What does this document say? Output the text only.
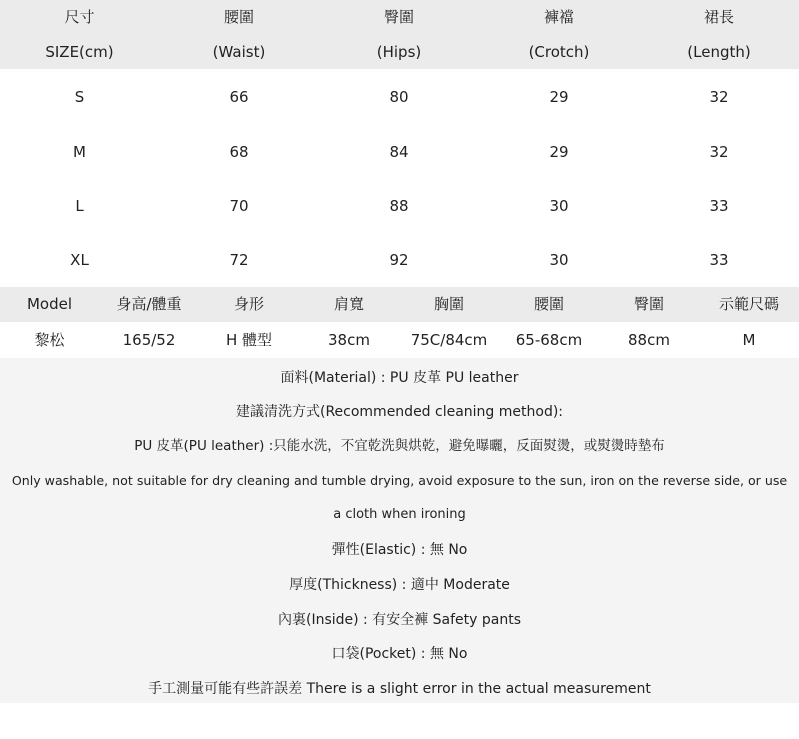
尺寸	腰圍	臀圍	褲襠	裙長
SIZE(cm)	(Waist)	(Hips)	(Crotch)	(Length)
S	66	80	29	32
M	68	84	29	32
L	70	88	30	33
XL	72	92	30	33
Model	身高/體重	身形	肩寬	胸圍	腰圍	臀圍	示範尺碼
黎松	165/52	H 體型	38cm	75C/84cm	65-68cm	88cm	M
面料(Material) : PU 皮革 PU leather
建議清洗方式(Recommended cleaning method):
PU 皮革(PU leather) :只能水洗，不宜乾洗與烘乾，避免曝曬，反面熨燙，或熨燙時墊布
Only washable, not suitable for dry cleaning and tumble drying, avoid exposure to the sun, iron on the reverse side, or use
a cloth when ironing
彈性(Elastic) : 無 No
厚度(Thickness) : 適中 Moderate
內裏(Inside) : 有安全褲 Safety pants
口袋(Pocket) : 無 No
手工測量可能有些許誤差 There is a slight error in the actual measurement
